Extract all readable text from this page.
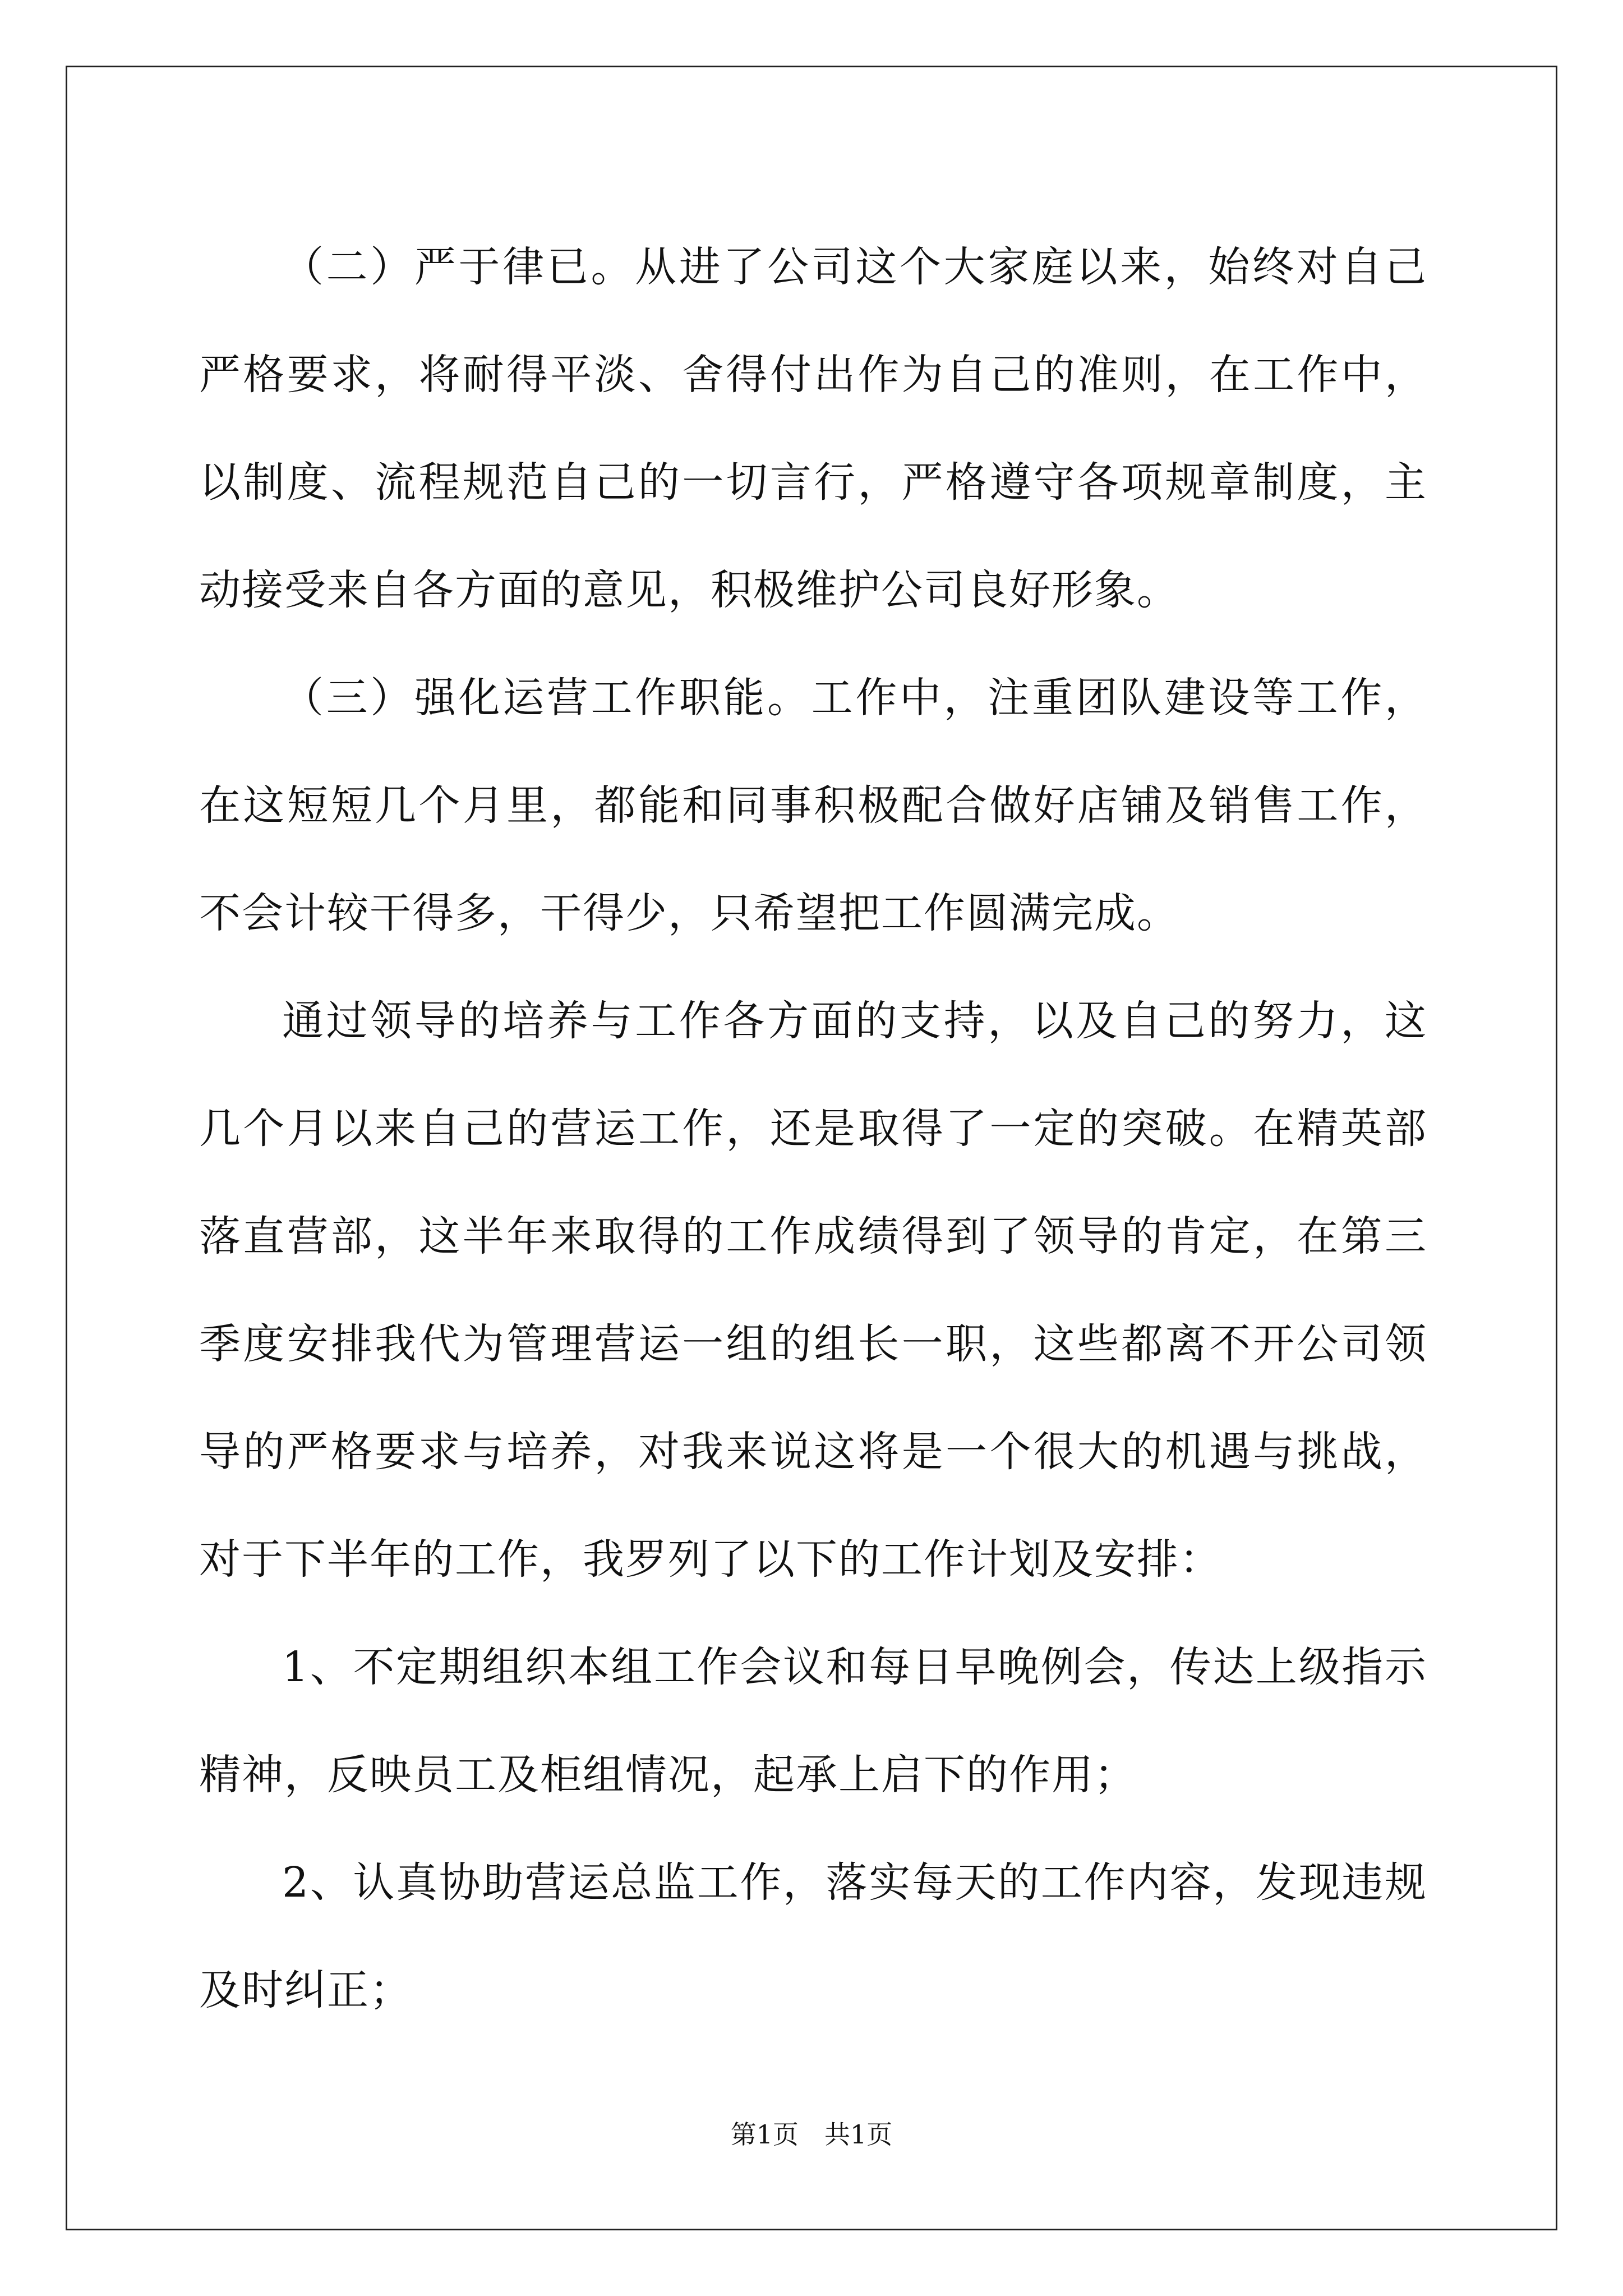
（二）严于律已。从进了公司这个大家庭以来，始终对自己严格要求，将耐得平淡、舍得付出作为自己的准则，在工作中，以制度、流程规范自己的一切言行，严格遵守各项规章制度，主动接受来自各方面的意见，积极维护公司良好形象。

（三）强化运营工作职能。工作中，注重团队建设等工作，在这短短几个月里，都能和同事积极配合做好店铺及销售工作，不会计较干得多，干得少，只希望把工作圆满完成。

通过领导的培养与工作各方面的支持，以及自己的努力，这几个月以来自己的营运工作，还是取得了一定的突破。在精英部落直营部，这半年来取得的工作成绩得到了领导的肯定，在第三季度安排我代为管理营运一组的组长一职，这些都离不开公司领导的严格要求与培养，对我来说这将是一个很大的机遇与挑战，对于下半年的工作，我罗列了以下的工作计划及安排：

1、不定期组织本组工作会议和每日早晚例会，传达上级指示精神，反映员工及柜组情况，起承上启下的作用；

2、认真协助营运总监工作，落实每天的工作内容，发现违规及时纠正；

第1页　共1页
